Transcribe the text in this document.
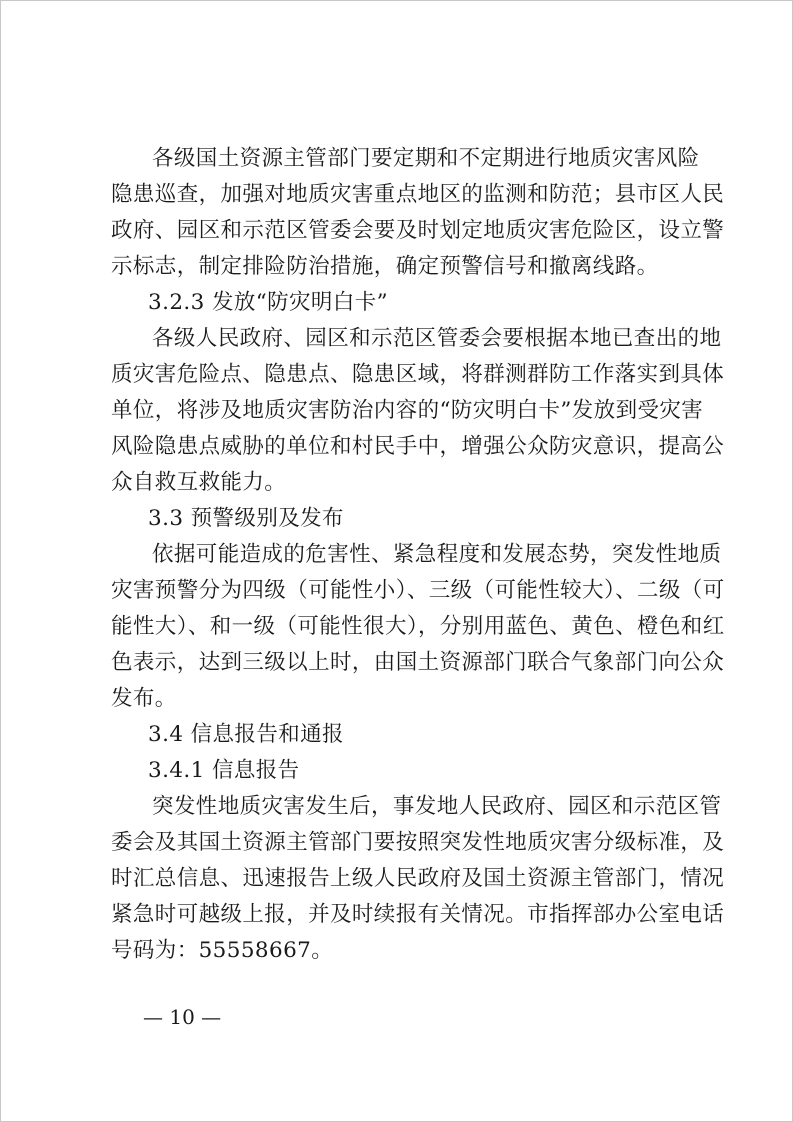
各级国土资源主管部门要定期和不定期进行地质灾害风险
隐患巡查，加强对地质灾害重点地区的监测和防范；县市区人民
政府、园区和示范区管委会要及时划定地质灾害危险区，设立警
示标志，制定排险防治措施，确定预警信号和撤离线路。
3.2.3 发放“防灾明白卡”
各级人民政府、园区和示范区管委会要根据本地已查出的地
质灾害危险点、隐患点、隐患区域，将群测群防工作落实到具体
单位，将涉及地质灾害防治内容的“防灾明白卡”发放到受灾害
风险隐患点威胁的单位和村民手中，增强公众防灾意识，提高公
众自救互救能力。
3.3 预警级别及发布
依据可能造成的危害性、紧急程度和发展态势，突发性地质
灾害预警分为四级（可能性小）、三级（可能性较大）、二级（可
能性大）、和一级（可能性很大），分别用蓝色、黄色、橙色和红
色表示，达到三级以上时，由国土资源部门联合气象部门向公众
发布。
3.4 信息报告和通报
3.4.1 信息报告
突发性地质灾害发生后，事发地人民政府、园区和示范区管
委会及其国土资源主管部门要按照突发性地质灾害分级标准，及
时汇总信息、迅速报告上级人民政府及国土资源主管部门，情况
紧急时可越级上报，并及时续报有关情况。市指挥部办公室电话
号码为：55558667。
— 10 —
